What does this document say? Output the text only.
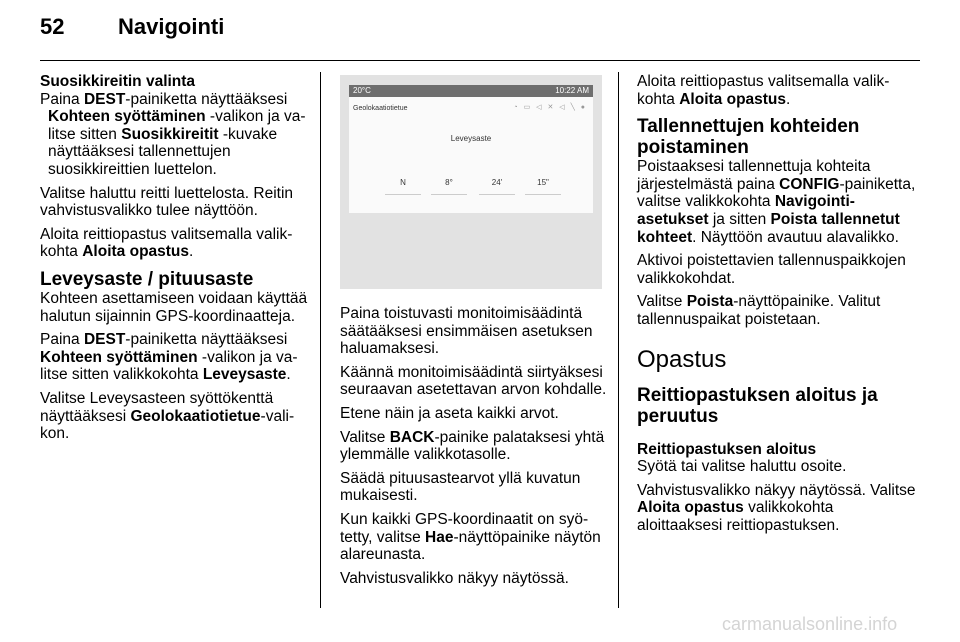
52 Navigointi
Suosikkireitin valinta

Paina DEST-painiketta näyttääksesi Kohteen syöttäminen -valikon ja valitse sitten Suosikkireitit -kuvake näyttääksesi tallennettujen suosikkireittien luettelon.

Valitse haluttu reitti luettelosta. Reitin vahvistusvalikko tulee näyttöön.

Aloita reittiopastus valitsemalla valikkohta Aloita opastus.

Leveysaste / pituusaste

Kohteen asettamiseen voidaan käyttää halutun sijainnin GPS-koordinaatteja.

Paina DEST-painiketta näyttääksesi Kohteen syöttäminen -valikon ja valitse sitten valikkokohta Leveysaste.

Valitse Leveysasteen syöttökenttä näyttääksesi Geolokaatiotietue-valikon.

20°C	10:22 AM
Geolokaatiotietue	◔ ▭ ◁ ✕ ◁ ╲ ●
Leveysaste
N	8°	24'	15"

Paina toistuvasti monitoimisäädintä säätääksesi ensimmäisen asetuksen haluamaksesi.

Käännä monitoimisäädintä siirtyäksesi seuraavan asetettavan arvon kohdalle.

Etene näin ja aseta kaikki arvot.

Valitse BACK-painike palataksesi yhtä ylemmälle valikkotasolle.

Säädä pituusastearvot yllä kuvatun mukaisesti.

Kun kaikki GPS-koordinaatit on syötetty, valitse Hae-näyttöpainike näytön alareunasta.

Vahvistusvalikko näkyy näytössä.

Aloita reittiopastus valitsemalla valikkohta Aloita opastus.

Tallennettujen kohteiden poistaminen

Poistaaksesi tallennettuja kohteita järjestelmästä paina CONFIG-painiketta, valitse valikkokohta Navigointiasetukset ja sitten Poista tallennetut kohteet. Näyttöön avautuu alavalikko.

Aktivoi poistettavien tallennuspaikkojen valikkokohdat.

Valitse Poista-näyttöpainike. Valitut tallennuspaikat poistetaan.

Opastus
Reittiopastuksen aloitus ja peruutus
Reittiopastuksen aloitus

Syötä tai valitse haluttu osoite.

Vahvistusvalikko näkyy näytössä. Valitse Aloita opastus valikkokohta aloittaaksesi reittiopastuksen.

carmanualsonline.info
